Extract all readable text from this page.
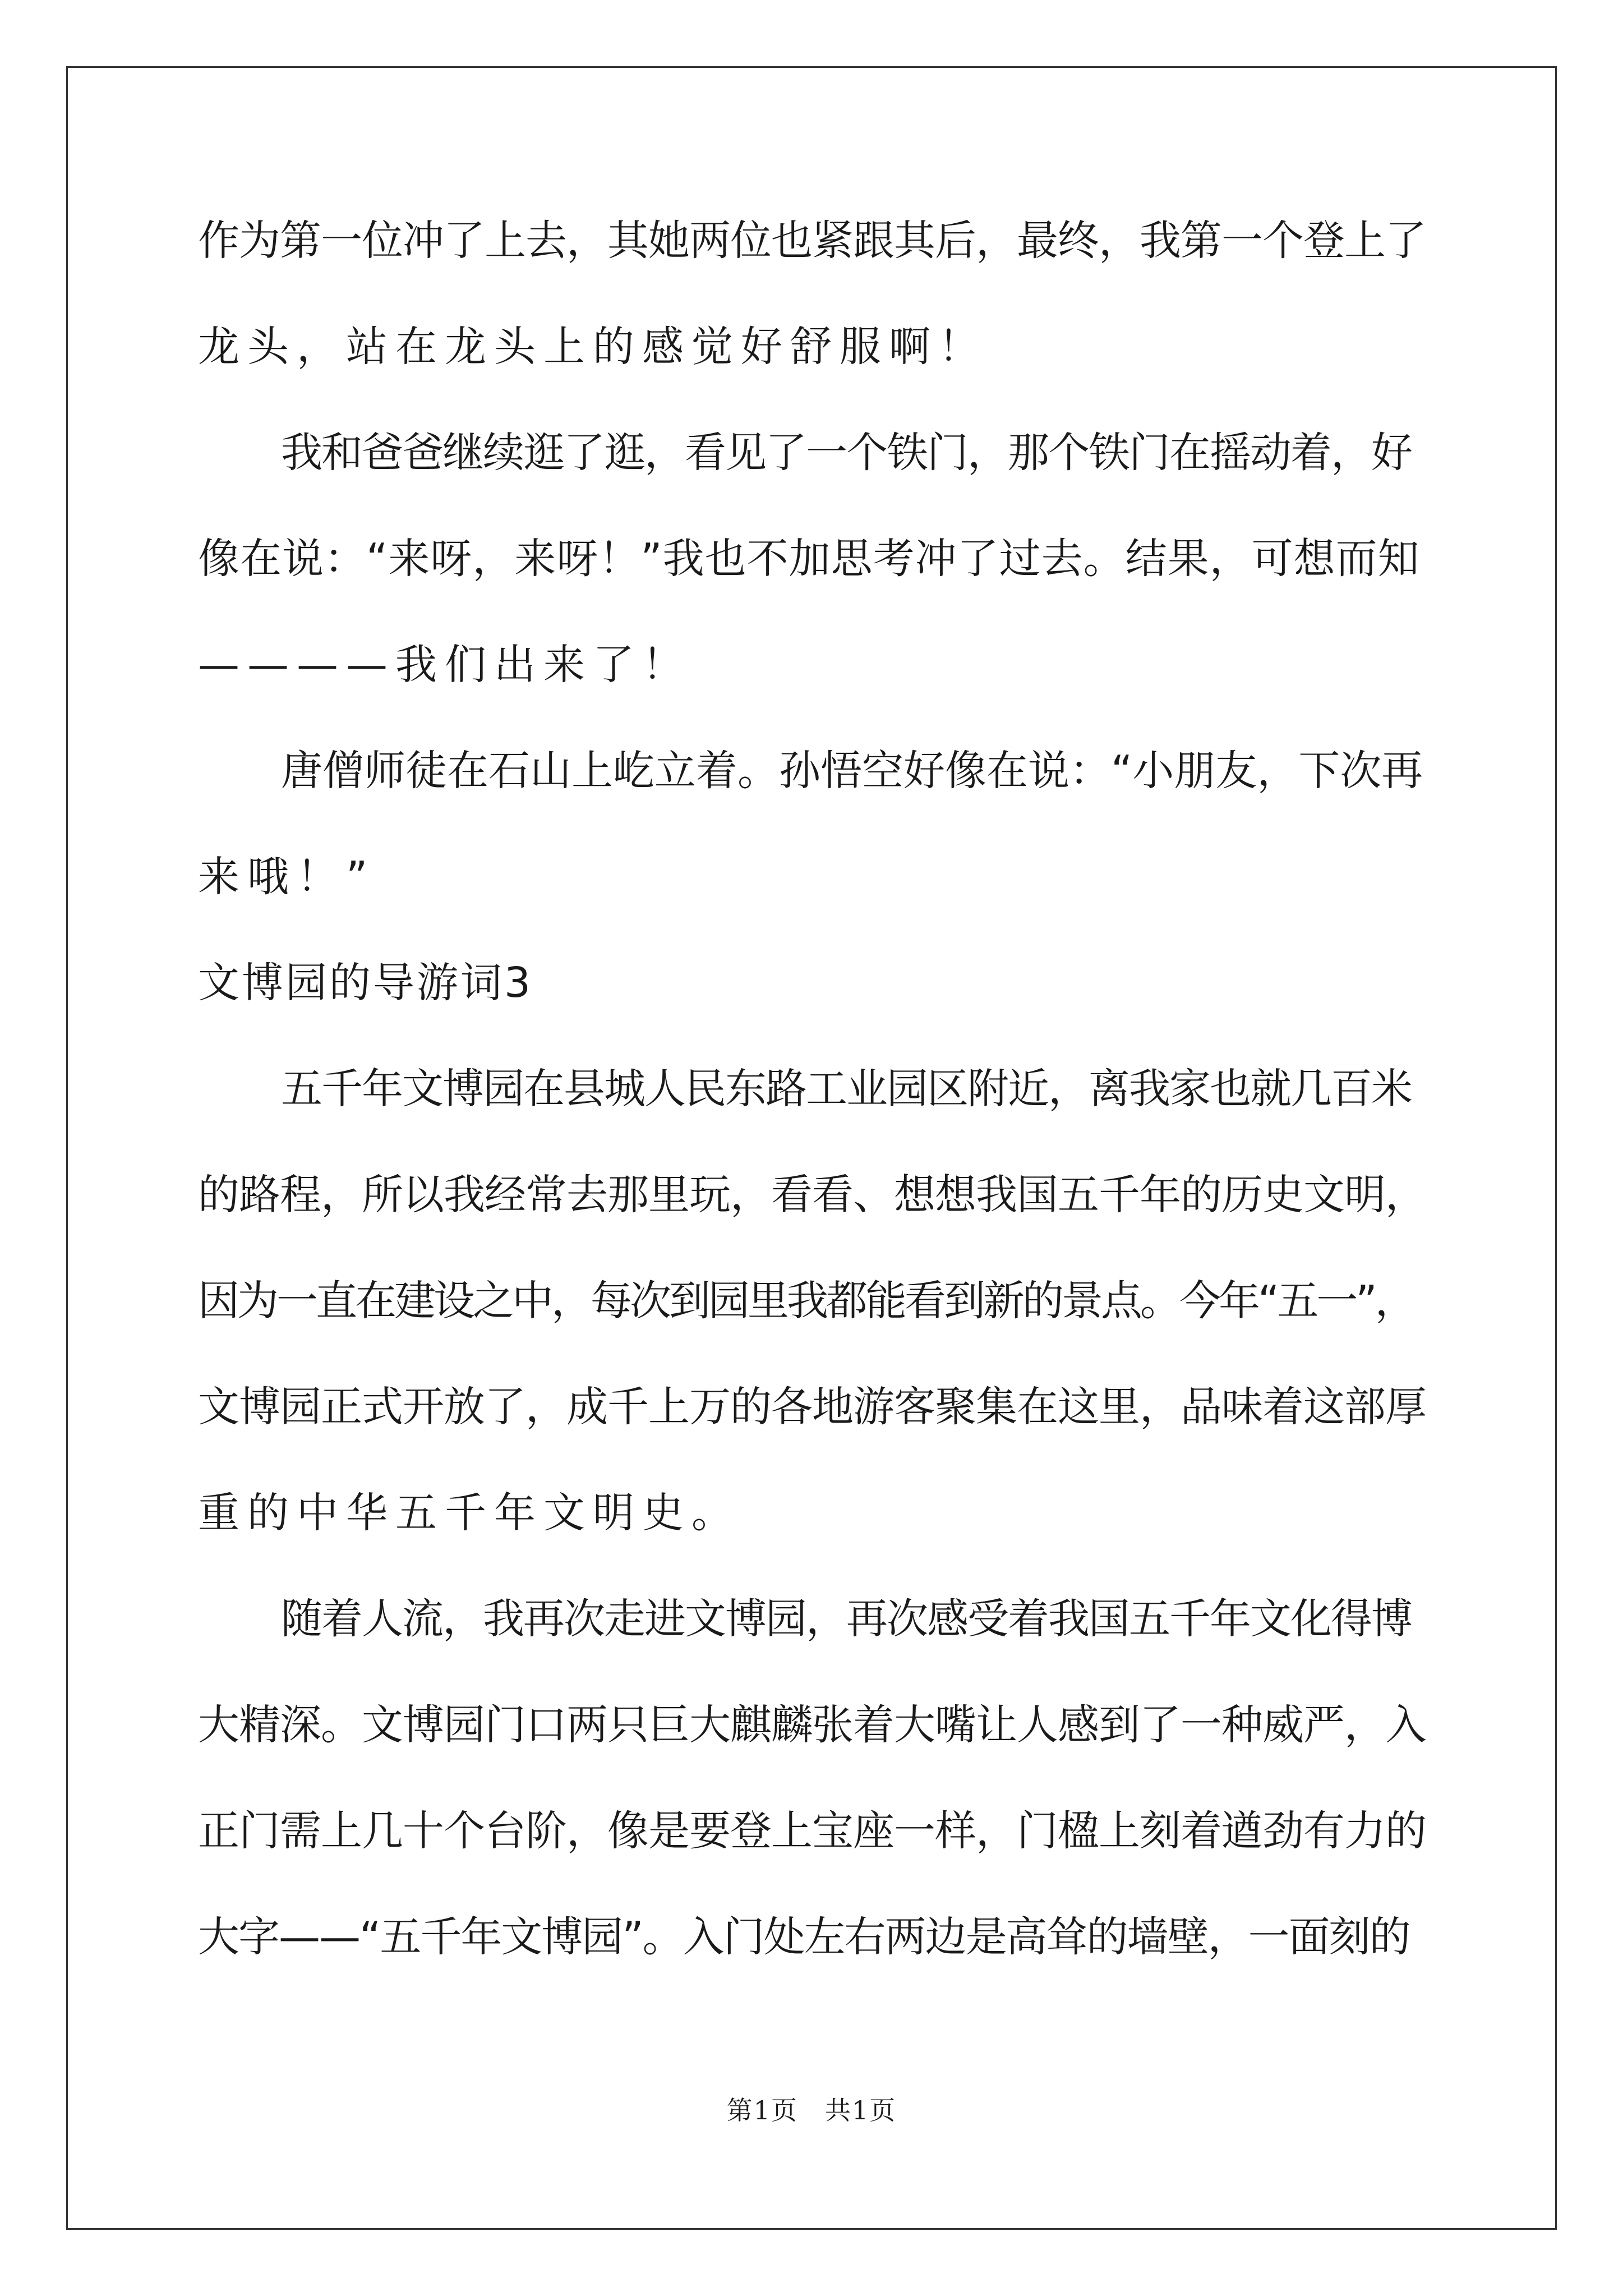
作为第一位冲了上去，其她两位也紧跟其后，最终，我第一个登上了
龙头，站在龙头上的感觉好舒服啊！
我和爸爸继续逛了逛，看见了一个铁门，那个铁门在摇动着，好
像在说：“来呀，来呀！”我也不加思考冲了过去。结果，可想而知
————我们出来了！
唐僧师徒在石山上屹立着。孙悟空好像在说：“小朋友，下次再
来哦！”
文博园的导游词3
五千年文博园在县城人民东路工业园区附近，离我家也就几百米
的路程，所以我经常去那里玩，看看、想想我国五千年的历史文明，
因为一直在建设之中，每次到园里我都能看到新的景点。今年“五一”，
文博园正式开放了，成千上万的各地游客聚集在这里，品味着这部厚
重的中华五千年文明史。
随着人流，我再次走进文博园，再次感受着我国五千年文化得博
大精深。文博园门口两只巨大麒麟张着大嘴让人感到了一种威严，入
正门需上几十个台阶，像是要登上宝座一样，门楹上刻着遒劲有力的
大字——“五千年文博园”。入门处左右两边是高耸的墙壁，一面刻的
第1页　共1页
